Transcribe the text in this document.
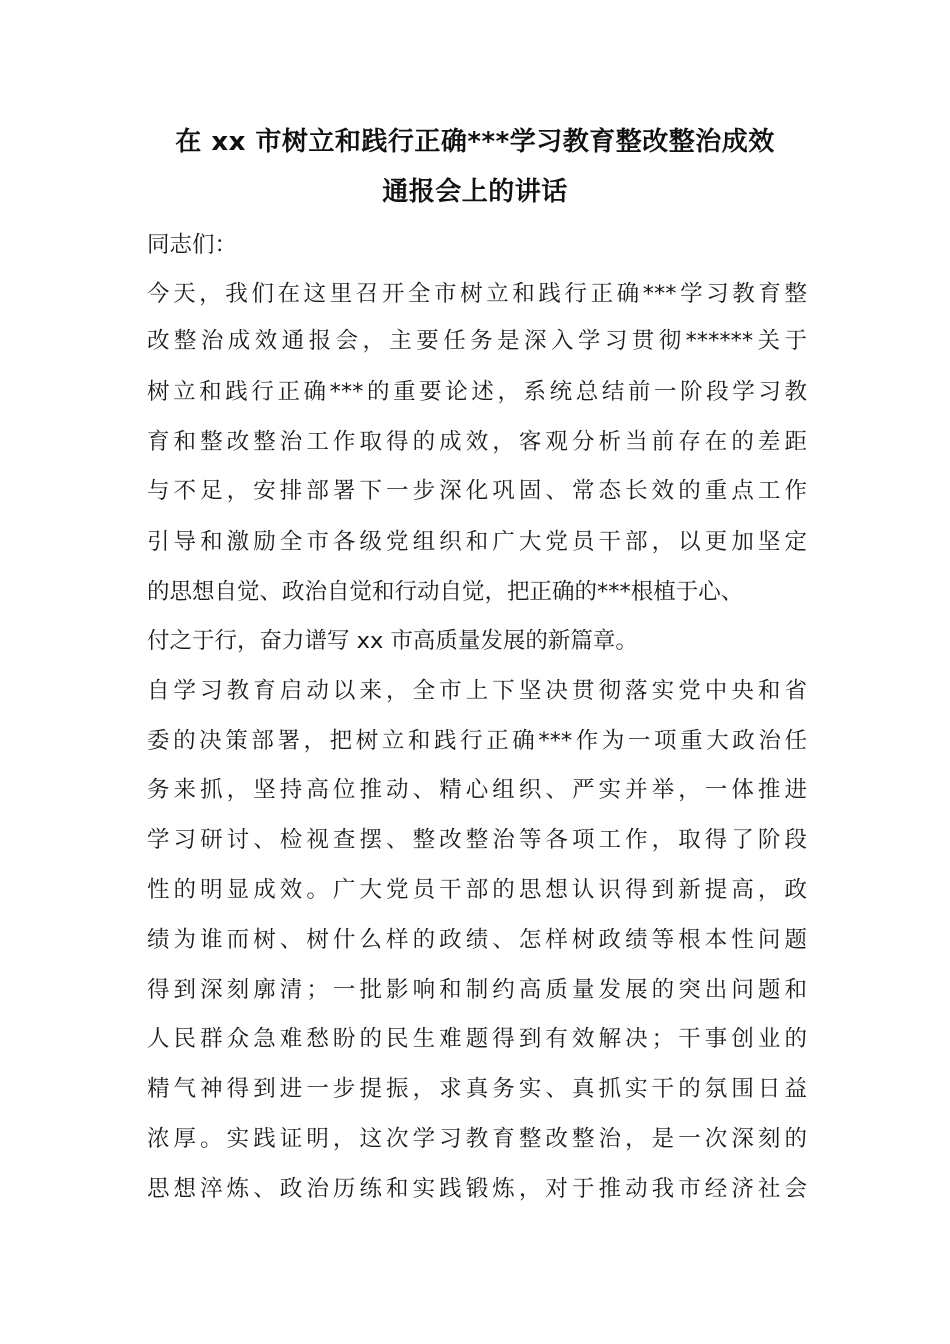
在 xx 市树立和践行正确***学习教育整改整治成效
通报会上的讲话
同志们：
今天，我们在这里召开全市树立和践行正确***学习教育整
改整治成效通报会，主要任务是深入学习贯彻******关于
树立和践行正确***的重要论述，系统总结前一阶段学习教
育和整改整治工作取得的成效，客观分析当前存在的差距
与不足，安排部署下一步深化巩固、常态长效的重点工作
引导和激励全市各级党组织和广大党员干部，以更加坚定
的思想自觉、政治自觉和行动自觉，把正确的***根植于心、
付之于行，奋力谱写 xx 市高质量发展的新篇章。
自学习教育启动以来，全市上下坚决贯彻落实党中央和省
委的决策部署，把树立和践行正确***作为一项重大政治任
务来抓，坚持高位推动、精心组织、严实并举，一体推进
学习研讨、检视查摆、整改整治等各项工作，取得了阶段
性的明显成效。广大党员干部的思想认识得到新提高，政
绩为谁而树、树什么样的政绩、怎样树政绩等根本性问题
得到深刻廓清；一批影响和制约高质量发展的突出问题和
人民群众急难愁盼的民生难题得到有效解决；干事创业的
精气神得到进一步提振，求真务实、真抓实干的氛围日益
浓厚。实践证明，这次学习教育整改整治，是一次深刻的
思想淬炼、政治历练和实践锻炼，对于推动我市经济社会
